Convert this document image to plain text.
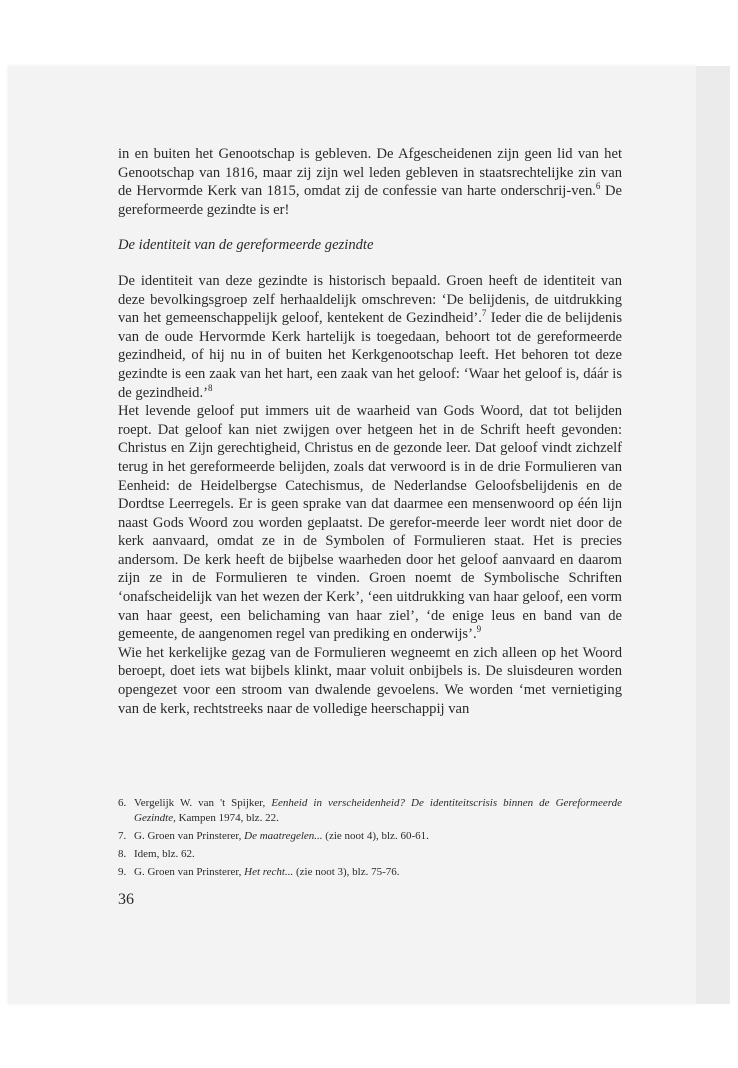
in en buiten het Genootschap is gebleven. De Afgescheidenen zijn geen lid van het Genootschap van 1816, maar zij zijn wel leden gebleven in staatsrechtelijke zin van de Hervormde Kerk van 1815, omdat zij de confessie van harte onderschrij-ven.$^6$ De gereformeerde gezindte is er!

De identiteit van de gereformeerde gezindte

De identiteit van deze gezindte is historisch bepaald. Groen heeft de identiteit van deze bevolkingsgroep zelf herhaaldelijk omschreven: ‘De belijdenis, de uitdrukking van het gemeenschappelijk geloof, kentekent de Gezindheid’.$^7$ Ieder die de belijdenis van de oude Hervormde Kerk hartelijk is toegedaan, behoort tot de gereformeerde gezindheid, of hij nu in of buiten het Kerkgenootschap leeft. Het behoren tot deze gezindte is een zaak van het hart, een zaak van het geloof: ‘Waar het geloof is, dáár is de gezindheid.’$^8$

Het levende geloof put immers uit de waarheid van Gods Woord, dat tot belijden roept. Dat geloof kan niet zwijgen over hetgeen het in de Schrift heeft gevonden: Christus en Zijn gerechtigheid, Christus en de gezonde leer. Dat geloof vindt zichzelf terug in het gereformeerde belijden, zoals dat verwoord is in de drie Formulieren van Eenheid: de Heidelbergse Catechismus, de Nederlandse Geloofsbelijdenis en de Dordtse Leerregels. Er is geen sprake van dat daarmee een mensenwoord op één lijn naast Gods Woord zou worden geplaatst. De gerefor-meerde leer wordt niet door de kerk aanvaard, omdat ze in de Symbolen of Formulieren staat. Het is precies andersom. De kerk heeft de bijbelse waarheden door het geloof aanvaard en daarom zijn ze in de Formulieren te vinden. Groen noemt de Symbolische Schriften ‘onafscheidelijk van het wezen der Kerk’, ‘een uitdrukking van haar geloof, een vorm van haar geest, een belichaming van haar ziel’, ‘de enige leus en band van de gemeente, de aangenomen regel van prediking en onderwijs’.$^9$

Wie het kerkelijke gezag van de Formulieren wegneemt en zich alleen op het Woord beroept, doet iets wat bijbels klinkt, maar voluit onbijbels is. De sluisdeuren worden opengezet voor een stroom van dwalende gevoelens. We worden ‘met vernietiging van de kerk, rechtstreeks naar de volledige heerschappij van

6. Vergelijk W. van 't Spijker, Eenheid in verscheidenheid? De identiteitscrisis binnen de Gereformeerde Gezindte, Kampen 1974, blz. 22.
7. G. Groen van Prinsterer, De maatregelen... (zie noot 4), blz. 60-61.
8. Idem, blz. 62.
9. G. Groen van Prinsterer, Het recht... (zie noot 3), blz. 75-76.
36
